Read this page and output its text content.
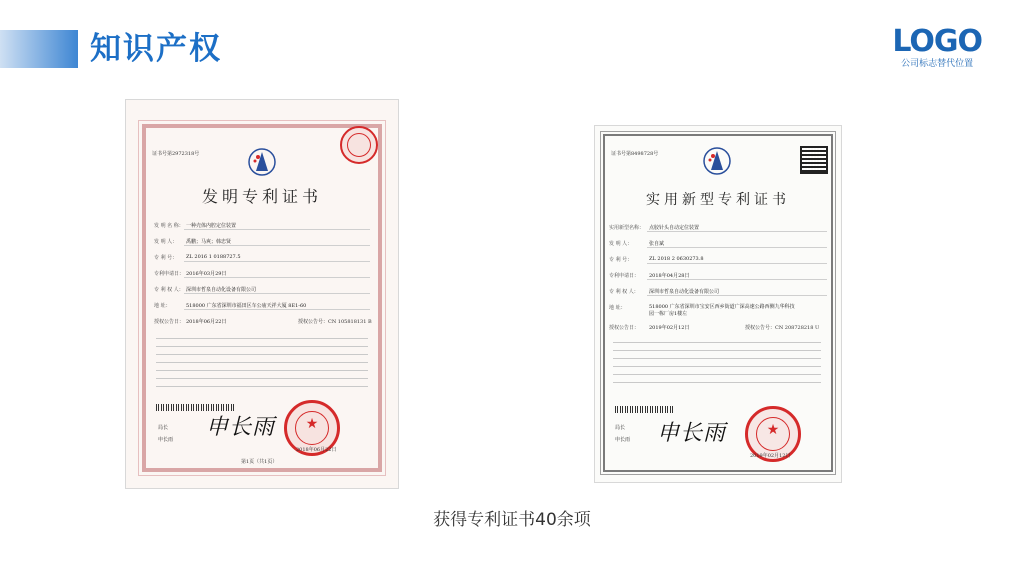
知识产权	LOGO
公司标志替代位置
证书号第2972318号
发明专利证书
发 明 名 称： 一种壳体内腔定位装置
发 明 人： 禹鹏；马爽；韩忠贤
专 利 号： ZL 2016 1 0188727.5
专利申请日： 2016年03月29日
专 利 权 人： 深圳市哲泉自动化设备有限公司
地 址：	518000 广东省深圳市福田区车公庙天祥大厦 8E1-60
授权公告日： 2018年06月22日	授权公告号：CN 105818131 B
局长
申长雨 申长雨	★
2018年06月22日
第1页（共1页）
证书号第8498728号
实用新型专利证书
实用新型名称： 点胶针头自动定位装置
发 明 人：	张自斌
专 利 号：	ZL 2018 2 0630273.8
专利申请日： 2018年04月28日
专 利 权 人： 深圳市哲泉自动化设备有限公司
地 址：	518000 广东省深圳市宝安区西乡街道广深高速公路西侧九华科技园一栋厂房1楼左
授权公告日： 2019年02月12日	授权公告号：CN 208728218 U
局长
申长雨 申长雨	★
2019年02月12日
获得专利证书40余项
